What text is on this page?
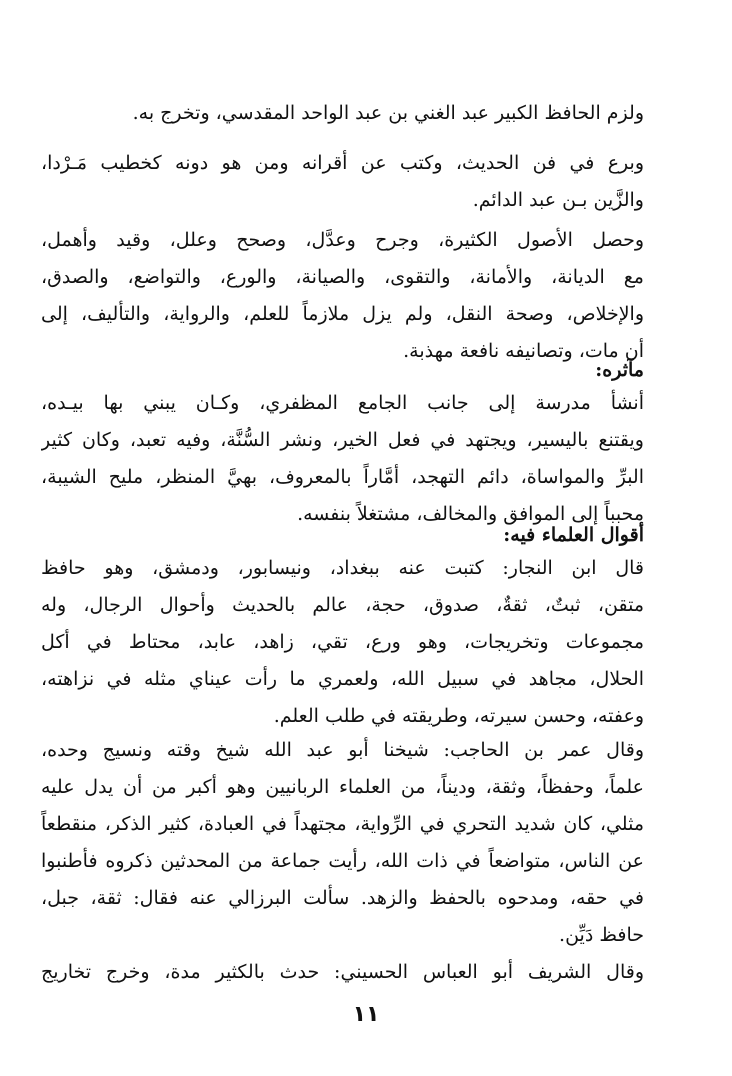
ولزم الحافظ الكبير عبد الغني بن عبد الواحد المقدسي، وتخرج به.
وبرع في فن الحديث، وكتب عن أقرانه ومن هو دونه كخطيب مَـرْدا،
والزَّين بـن عبد الدائم.
وحصل الأصول الكثيرة، وجرح وعدَّل، وصحح وعلل، وقيد وأهمل،
مع الديانة، والأمانة، والتقوى، والصيانة، والورع، والتواضع، والصدق،
والإخلاص، وصحة النقل، ولم يزل ملازماً للعلم، والرواية، والتأليف، إلى
أن مات، وتصانيفه نافعة مهذبة.
مآثره:
أنشأ مدرسة إلى جانب الجامع المظفري، وكـان يبني بها بيـده،
ويقتنع باليسير، ويجتهد في فعل الخير، ونشر السُّنَّة، وفيه تعبد، وكان كثير
البرِّ والمواساة، دائم التهجد، أمَّاراً بالمعروف، بهيَّ المنظر، مليح الشيبة،
محبباً إلى الموافق والمخالف، مشتغلاً بنفسه.
أقوال العلماء فيه:
قال ابن النجار: كتبت عنه ببغداد، ونيسابور، ودمشق، وهو حافظ
متقن، ثبتٌ، ثقةٌ، صدوق، حجة، عالم بالحديث وأحوال الرجال، وله
مجموعات وتخريجات، وهو ورع، تقي، زاهد، عابد، محتاط في أكل
الحلال، مجاهد في سبيل الله، ولعمري ما رأت عيناي مثله في نزاهته،
وعفته، وحسن سيرته، وطريقته في طلب العلم.
وقال عمر بن الحاجب: شيخنا أبو عبد الله شيخ وقته ونسيج وحده،
علماً، وحفظاً، وثقة، وديناً، من العلماء الربانيين وهو أكبر من أن يدل عليه
مثلي، كان شديد التحري في الرِّواية، مجتهداً في العبادة، كثير الذكر، منقطعاً
عن الناس، متواضعاً في ذات الله، رأيت جماعة من المحدثين ذكروه فأطنبوا
في حقه، ومدحوه بالحفظ والزهد. سألت البرزالي عنه فقال: ثقة، جبل،
حافظ دَيِّن.
وقال الشريف أبو العباس الحسيني: حدث بالكثير مدة، وخرج تخاريج
١١
